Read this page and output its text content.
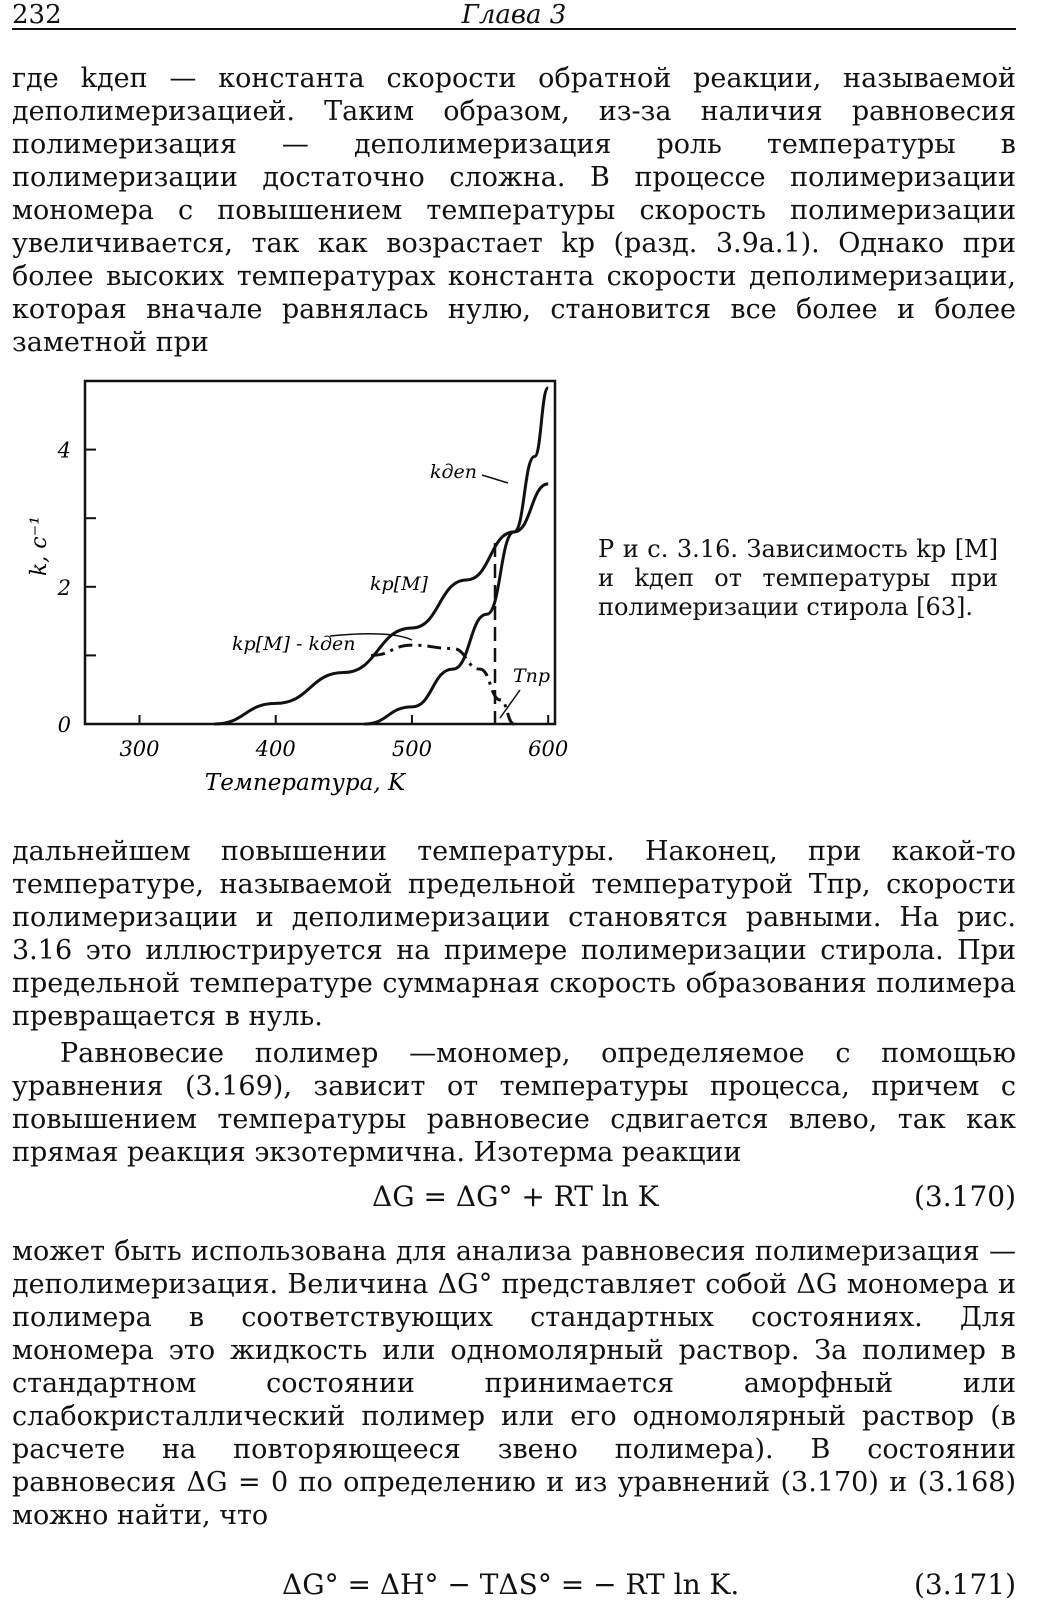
232	Глава 3

где kдеп — константа скорости обратной реакции, называемой деполимеризацией. Таким образом, из-за наличия равновесия полимеризация — деполимеризация роль температуры в полимеризации достаточно сложна. В процессе полимеризации мономера с повышением температуры скорость полимеризации увеличивается, так как возрастает kр (разд. 3.9а.1). Однако при более высоких температурах константа скорости деполимеризации, которая вначале равнялась нулю, становится все более и более заметной при

300	400	500	600
0
2
4
k, c⁻¹
Температура, K
kдеп
kр[M]
kр[M] - kдеп
Tпр

Р и с. 3.16. Зависимость kр [M] и kдеп от температуры при полимеризации стирола [63].

дальнейшем повышении температуры. Наконец, при какой-то температуре, называемой предельной температурой Tпр, скорости полимеризации и деполимеризации становятся равными. На рис. 3.16 это иллюстрируется на примере полимеризации стирола. При предельной температуре суммарная скорость образования полимера превращается в нуль.

Равновесие полимер —мономер, определяемое с помощью уравнения (3.169), зависит от температуры процесса, причем с повышением температуры равновесие сдвигается влево, так как прямая реакция экзотермична. Изотерма реакции

ΔG = ΔG° + RT ln K	(3.170)

может быть использована для анализа равновесия полимеризация — деполимеризация. Величина ΔG° представляет собой ΔG мономера и полимера в соответствующих стандартных состояниях. Для мономера это жидкость или одномолярный раствор. За полимер в стандартном состоянии принимается аморфный или слабокристаллический полимер или его одномолярный раствор (в расчете на повторяющееся звено полимера). В состоянии равновесия ΔG = 0 по определению и из уравнений (3.170) и (3.168) можно найти, что

ΔG° = ΔH° − TΔS° = − RT ln K.	(3.171)
